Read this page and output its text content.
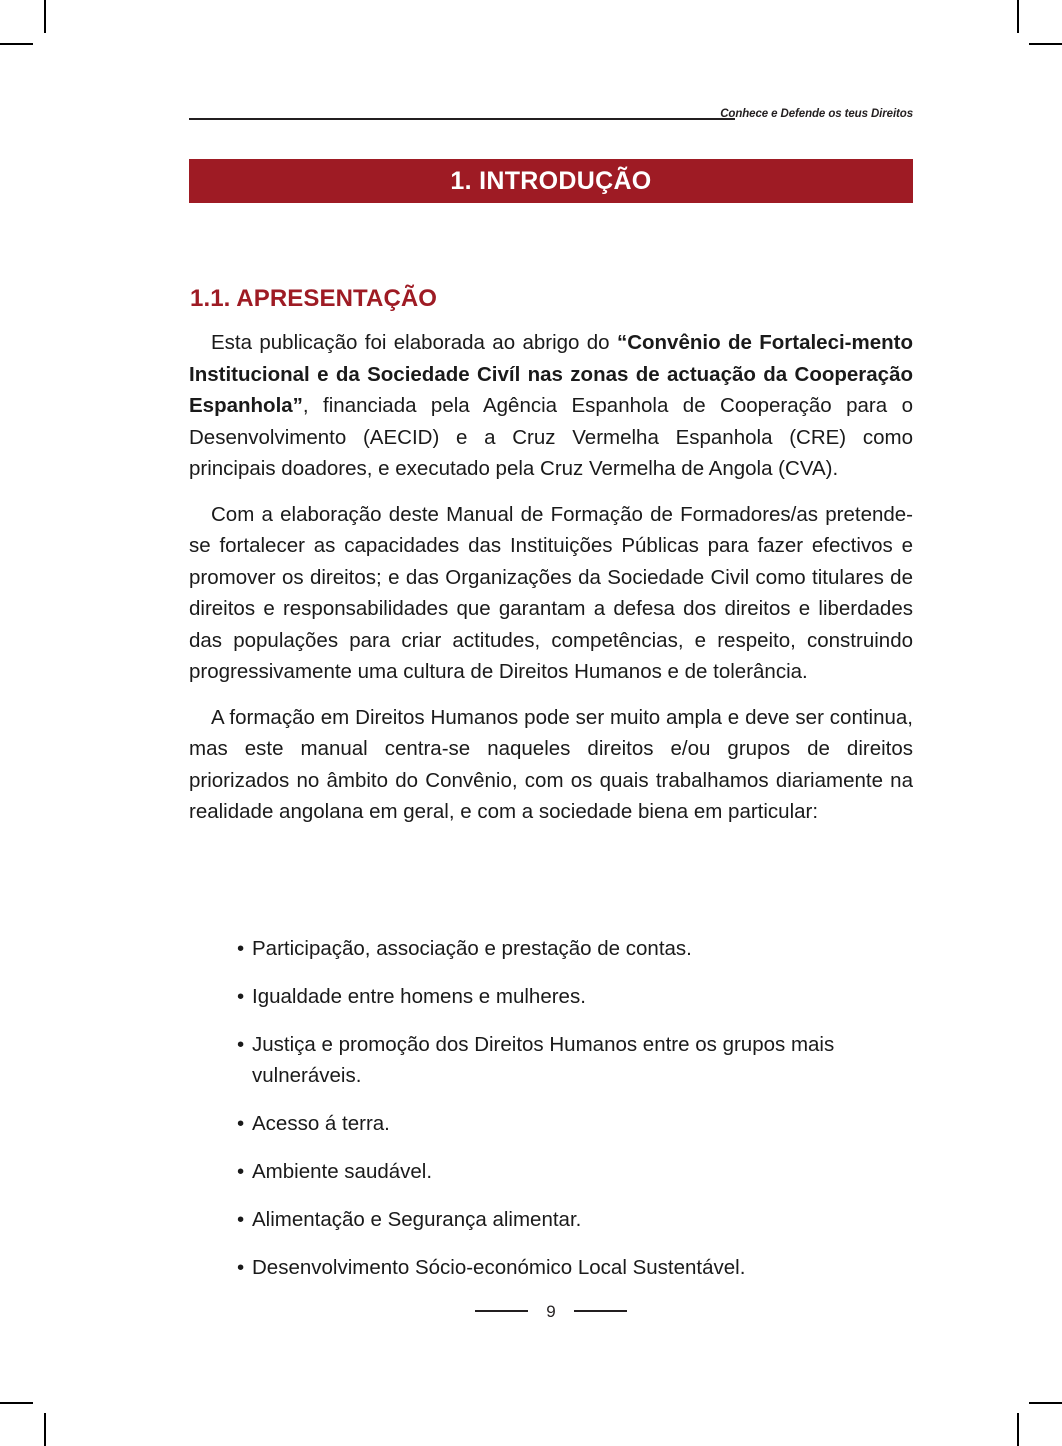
Conhece e Defende os teus Direitos
1. INTRODUÇÃO
1.1. APRESENTAÇÃO

Esta publicação foi elaborada ao abrigo do “Convênio de Fortaleci-mento Institucional e da Sociedade Civíl nas zonas de actuação da Cooperação Espanhola”, financiada pela Agência Espanhola de Cooperação para o Desenvolvimento (AECID) e a Cruz Vermelha Espanhola (CRE) como principais doadores, e executado pela Cruz Vermelha de Angola (CVA).

Com a elaboração deste Manual de Formação de Formadores/as pretende-se fortalecer as capacidades das Instituições Públicas para fazer efectivos e promover os direitos; e das Organizações da Sociedade Civil como titulares de direitos e responsabilidades que garantam a defesa dos direitos e liberdades das populações para criar actitudes, competências, e respeito, construindo progressivamente uma cultura de Direitos Humanos e de tolerância.

A formação em Direitos Humanos pode ser muito ampla e deve ser continua, mas este manual centra-se naqueles direitos e/ou grupos de direitos priorizados no âmbito do Convênio, com os quais trabalhamos diariamente na realidade angolana em geral, e com a sociedade biena em particular:

• Participação, associação e prestação de contas.
• Igualdade entre homens e mulheres.
• Justiça e promoção dos Direitos Humanos entre os grupos mais vulneráveis.
• Acesso á terra.
• Ambiente saudável.
• Alimentação e Segurança alimentar.
• Desenvolvimento Sócio-económico Local Sustentável.
9
